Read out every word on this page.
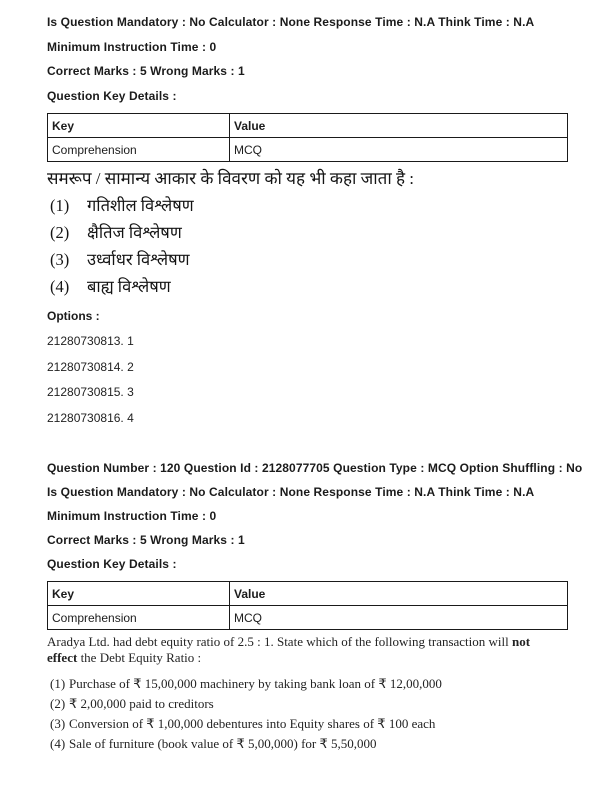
Is Question Mandatory : No Calculator : None Response Time : N.A Think Time : N.A

Minimum Instruction Time : 0

Correct Marks : 5 Wrong Marks : 1

Question Key Details :

Key	Value
Comprehension	MCQ
समरूप / सामान्य आकार के विवरण को यह भी कहा जाता है :
(1)	गतिशील विश्लेषण
(2)	क्षैतिज विश्लेषण
(3)	उर्ध्वाधर विश्लेषण
(4)	बाह्य विश्लेषण

Options :

21280730813. 1

21280730814. 2

21280730815. 3

21280730816. 4

Question Number : 120 Question Id : 2128077705 Question Type : MCQ Option Shuffling : No

Is Question Mandatory : No Calculator : None Response Time : N.A Think Time : N.A

Minimum Instruction Time : 0

Correct Marks : 5 Wrong Marks : 1

Question Key Details :

Key	Value
Comprehension	MCQ
Aradya Ltd. had debt equity ratio of 2.5 : 1. State which of the following transaction will not
effect the Debt Equity Ratio :
(1) Purchase of ₹ 15,00,000 machinery by taking bank loan of ₹ 12,00,000
(2) ₹ 2,00,000 paid to creditors
(3) Conversion of ₹ 1,00,000 debentures into Equity shares of ₹ 100 each
(4) Sale of furniture (book value of ₹ 5,00,000) for ₹ 5,50,000
